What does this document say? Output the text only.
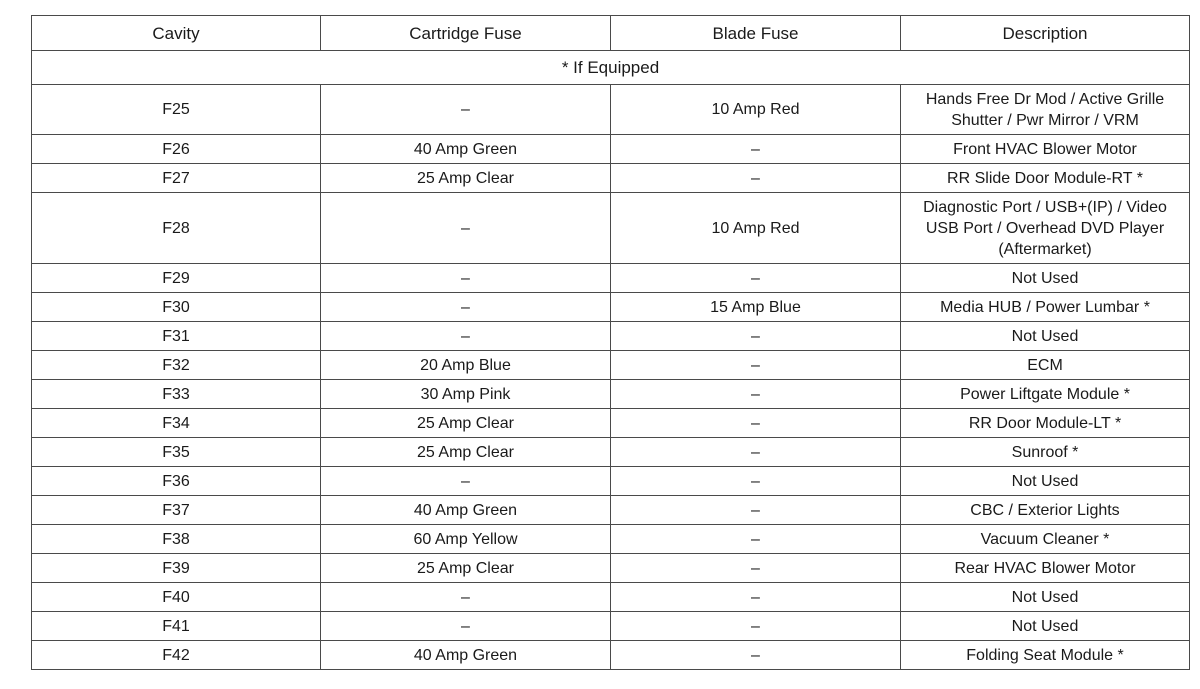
Cavity	Cartridge Fuse	Blade Fuse	Description
* If Equipped			
F25	–	10 Amp Red	Hands Free Dr Mod / Active Grille Shutter / Pwr Mirror / VRM
F26	40 Amp Green	–	Front HVAC Blower Motor
F27	25 Amp Clear	–	RR Slide Door Module-RT *
F28	–	10 Amp Red	Diagnostic Port / USB+(IP) / Video USB Port / Overhead DVD Player (Aftermarket)
F29	–	–	Not Used
F30	–	15 Amp Blue	Media HUB / Power Lumbar *
F31	–	–	Not Used
F32	20 Amp Blue	–	ECM
F33	30 Amp Pink	–	Power Liftgate Module *
F34	25 Amp Clear	–	RR Door Module-LT *
F35	25 Amp Clear	–	Sunroof *
F36	–	–	Not Used
F37	40 Amp Green	–	CBC / Exterior Lights
F38	60 Amp Yellow	–	Vacuum Cleaner *
F39	25 Amp Clear	–	Rear HVAC Blower Motor
F40	–	–	Not Used
F41	–	–	Not Used
F42	40 Amp Green	–	Folding Seat Module *
